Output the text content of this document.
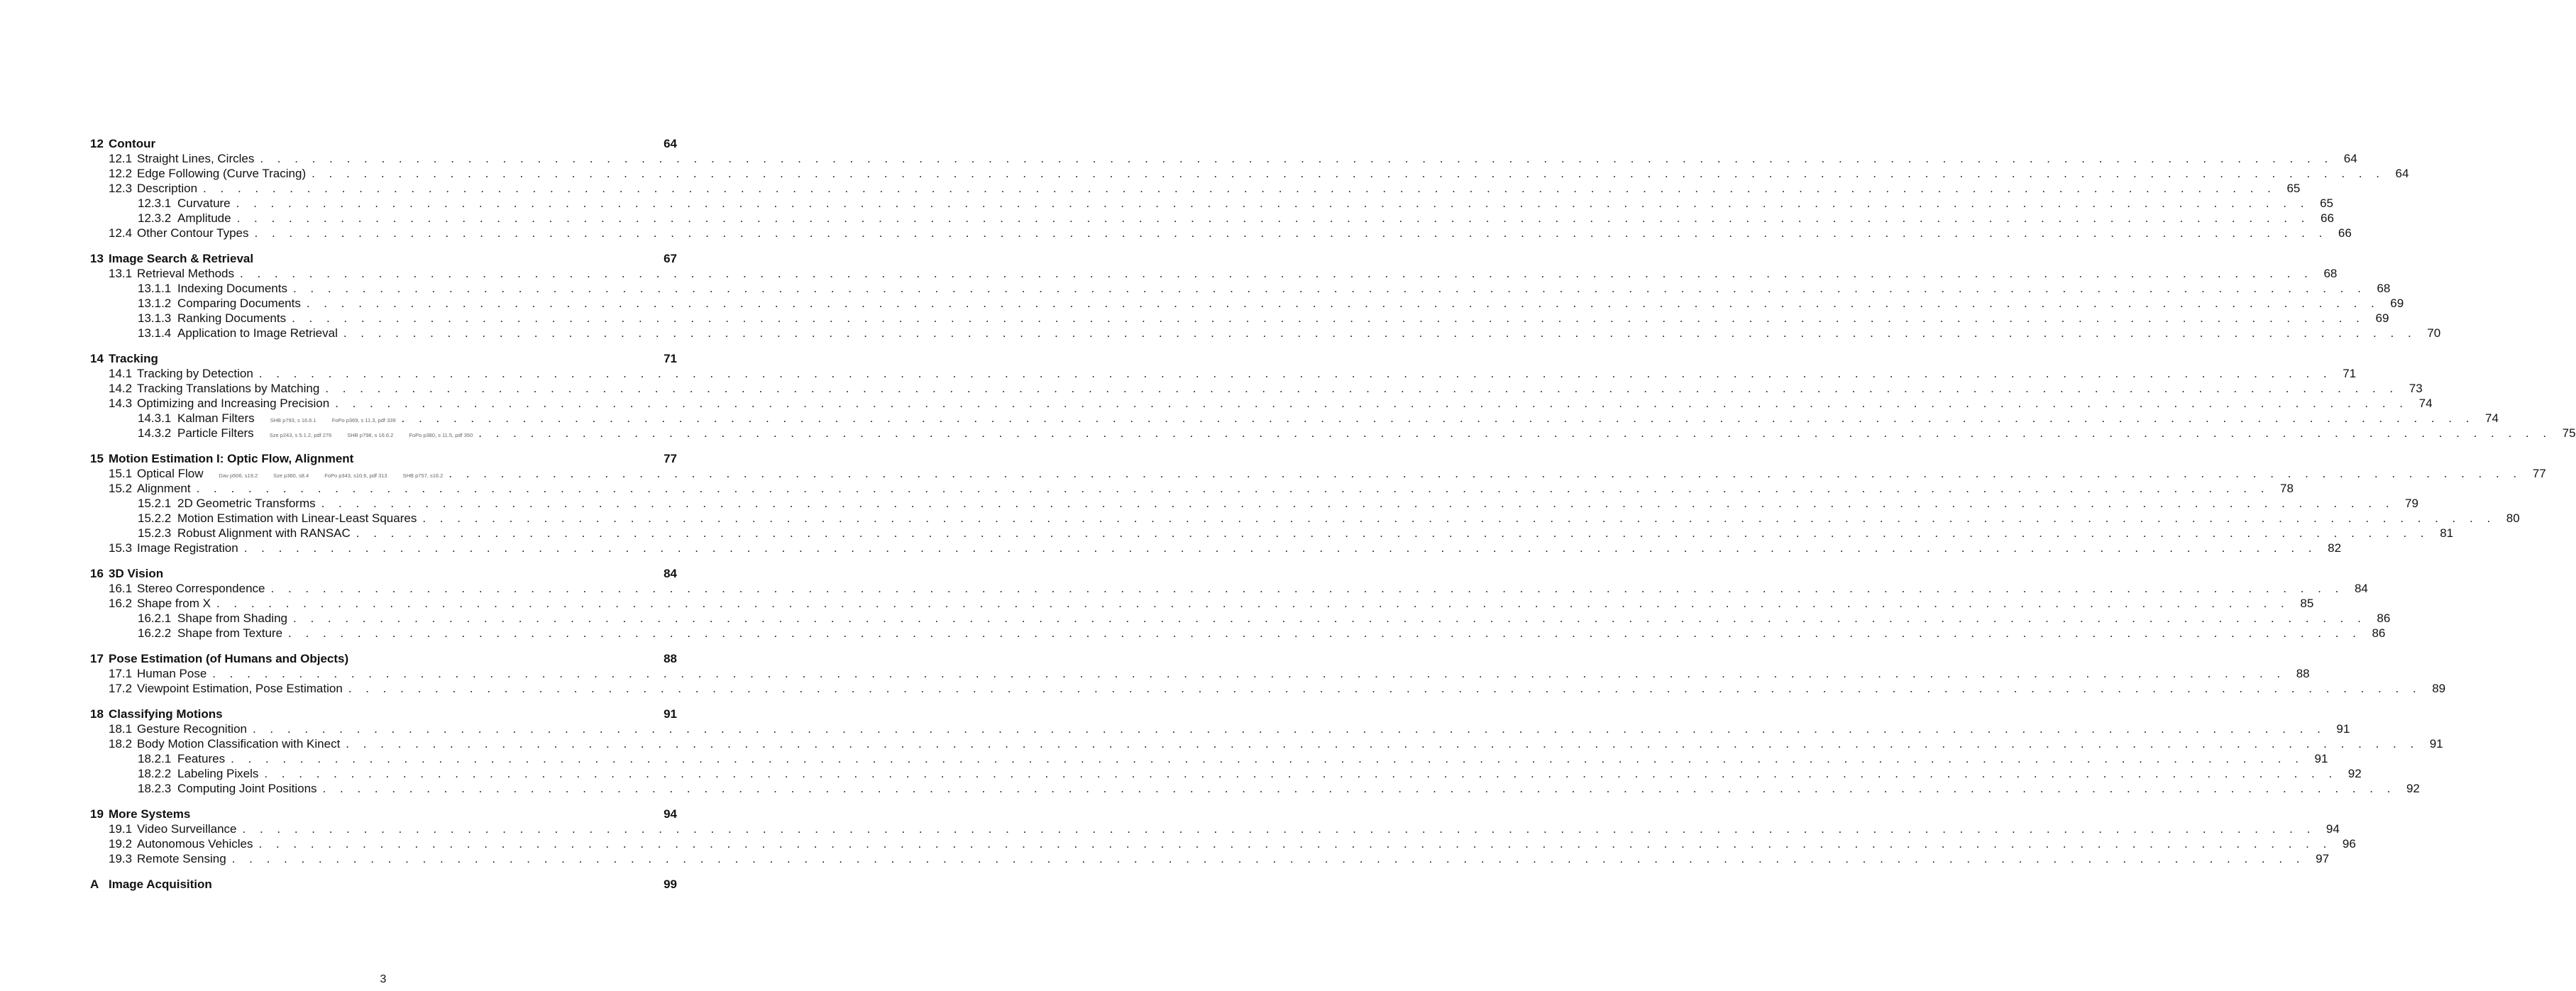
12 Contour	64
12.1 Straight Lines, Circles . . . . . . . . . . . . . . . . . . . . . . . . . . . . . . . . . . . . . . . . . . . . . . . . . . . . . . . . . . . . . . . . . . . . . . . . . . . . . . . . . . . . . . . . . . . . . . . . . . . . . . . . . . . . . . . . . . . . . . . . 64
12.2 Edge Following (Curve Tracing) . . . . . . . . . . . . . . . . . . . . . . . . . . . . . . . . . . . . . . . . . . . . . . . . . . . . . . . . . . . . . . . . . . . . . . . . . . . . . . . . . . . . . . . . . . . . . . . . . . . . . . . . . . . . . . . . . . . . . . . . 64
12.3 Description . . . . . . . . . . . . . . . . . . . . . . . . . . . . . . . . . . . . . . . . . . . . . . . . . . . . . . . . . . . . . . . . . . . . . . . . . . . . . . . . . . . . . . . . . . . . . . . . . . . . . . . . . . . . . . . . . . . . . . . . 65
12.3.1 Curvature . . . . . . . . . . . . . . . . . . . . . . . . . . . . . . . . . . . . . . . . . . . . . . . . . . . . . . . . . . . . . . . . . . . . . . . . . . . . . . . . . . . . . . . . . . . . . . . . . . . . . . . . . . . . . . . . . . . . . . . . 65
12.3.2 Amplitude . . . . . . . . . . . . . . . . . . . . . . . . . . . . . . . . . . . . . . . . . . . . . . . . . . . . . . . . . . . . . . . . . . . . . . . . . . . . . . . . . . . . . . . . . . . . . . . . . . . . . . . . . . . . . . . . . . . . . . . . 66
12.4 Other Contour Types . . . . . . . . . . . . . . . . . . . . . . . . . . . . . . . . . . . . . . . . . . . . . . . . . . . . . . . . . . . . . . . . . . . . . . . . . . . . . . . . . . . . . . . . . . . . . . . . . . . . . . . . . . . . . . . . . . . . . . . . 66
13 Image Search & Retrieval	67
13.1 Retrieval Methods . . . . . . . . . . . . . . . . . . . . . . . . . . . . . . . . . . . . . . . . . . . . . . . . . . . . . . . . . . . . . . . . . . . . . . . . . . . . . . . . . . . . . . . . . . . . . . . . . . . . . . . . . . . . . . . . . . . . . . . . 68
13.1.1 Indexing Documents . . . . . . . . . . . . . . . . . . . . . . . . . . . . . . . . . . . . . . . . . . . . . . . . . . . . . . . . . . . . . . . . . . . . . . . . . . . . . . . . . . . . . . . . . . . . . . . . . . . . . . . . . . . . . . . . . . . . . . . . 68
13.1.2 Comparing Documents . . . . . . . . . . . . . . . . . . . . . . . . . . . . . . . . . . . . . . . . . . . . . . . . . . . . . . . . . . . . . . . . . . . . . . . . . . . . . . . . . . . . . . . . . . . . . . . . . . . . . . . . . . . . . . . . . . . . . . . . 69
13.1.3 Ranking Documents . . . . . . . . . . . . . . . . . . . . . . . . . . . . . . . . . . . . . . . . . . . . . . . . . . . . . . . . . . . . . . . . . . . . . . . . . . . . . . . . . . . . . . . . . . . . . . . . . . . . . . . . . . . . . . . . . . . . . . . . 69
13.1.4 Application to Image Retrieval . . . . . . . . . . . . . . . . . . . . . . . . . . . . . . . . . . . . . . . . . . . . . . . . . . . . . . . . . . . . . . . . . . . . . . . . . . . . . . . . . . . . . . . . . . . . . . . . . . . . . . . . . . . . . . . . . . . . . . . . 70
14 Tracking	71
14.1 Tracking by Detection . . . . . . . . . . . . . . . . . . . . . . . . . . . . . . . . . . . . . . . . . . . . . . . . . . . . . . . . . . . . . . . . . . . . . . . . . . . . . . . . . . . . . . . . . . . . . . . . . . . . . . . . . . . . . . . . . . . . . . . . 71
14.2 Tracking Translations by Matching . . . . . . . . . . . . . . . . . . . . . . . . . . . . . . . . . . . . . . . . . . . . . . . . . . . . . . . . . . . . . . . . . . . . . . . . . . . . . . . . . . . . . . . . . . . . . . . . . . . . . . . . . . . . . . . . . . . . . . . . 73
14.3 Optimizing and Increasing Precision . . . . . . . . . . . . . . . . . . . . . . . . . . . . . . . . . . . . . . . . . . . . . . . . . . . . . . . . . . . . . . . . . . . . . . . . . . . . . . . . . . . . . . . . . . . . . . . . . . . . . . . . . . . . . . . . . . . . . . . . 74
14.3.1 Kalman Filters	SHB p793, s 16.6.1	FoPo p369, s 11.3, pdf 339 . . . . . . . . . . . . . . . . . . . . . . . . . . . . . . . . . . . . . . . . . . . . . . . . . . . . . . . . . . . . . . . . . . . . . . . . . . . . . . . . . . . . . . . . . . . . . . . . . . . . . . . . . . . . . . . . . . . . . . . . 74
14.3.2 Particle Filters	Sze p243, s 5.1.2, pdf 276	SHB p798, s 16.6.2	FoPo p380, s 11.5, pdf 350 . . . . . . . . . . . . . . . . . . . . . . . . . . . . . . . . . . . . . . . . . . . . . . . . . . . . . . . . . . . . . . . . . . . . . . . . . . . . . . . . . . . . . . . . . . . . . . . . . . . . . . . . . . . . . . . . . . . . . . . . 75
15 Motion Estimation I: Optic Flow, Alignment	77
15.1 Optical Flow	Dav p506, s19.2	Sze p360, s8.4	FoPo p343, s10.6, pdf 313	SHB p757, s16.2 . . . . . . . . . . . . . . . . . . . . . . . . . . . . . . . . . . . . . . . . . . . . . . . . . . . . . . . . . . . . . . . . . . . . . . . . . . . . . . . . . . . . . . . . . . . . . . . . . . . . . . . . . . . . . . . . . . . . . . . . 77
15.2 Alignment . . . . . . . . . . . . . . . . . . . . . . . . . . . . . . . . . . . . . . . . . . . . . . . . . . . . . . . . . . . . . . . . . . . . . . . . . . . . . . . . . . . . . . . . . . . . . . . . . . . . . . . . . . . . . . . . . . . . . . . . 78
15.2.1 2D Geometric Transforms . . . . . . . . . . . . . . . . . . . . . . . . . . . . . . . . . . . . . . . . . . . . . . . . . . . . . . . . . . . . . . . . . . . . . . . . . . . . . . . . . . . . . . . . . . . . . . . . . . . . . . . . . . . . . . . . . . . . . . . . 79
15.2.2 Motion Estimation with Linear-Least Squares . . . . . . . . . . . . . . . . . . . . . . . . . . . . . . . . . . . . . . . . . . . . . . . . . . . . . . . . . . . . . . . . . . . . . . . . . . . . . . . . . . . . . . . . . . . . . . . . . . . . . . . . . . . . . . . . . . . . . . . . 80
15.2.3 Robust Alignment with RANSAC . . . . . . . . . . . . . . . . . . . . . . . . . . . . . . . . . . . . . . . . . . . . . . . . . . . . . . . . . . . . . . . . . . . . . . . . . . . . . . . . . . . . . . . . . . . . . . . . . . . . . . . . . . . . . . . . . . . . . . . . 81
15.3 Image Registration . . . . . . . . . . . . . . . . . . . . . . . . . . . . . . . . . . . . . . . . . . . . . . . . . . . . . . . . . . . . . . . . . . . . . . . . . . . . . . . . . . . . . . . . . . . . . . . . . . . . . . . . . . . . . . . . . . . . . . . . 82
16 3D Vision	84
16.1 Stereo Correspondence . . . . . . . . . . . . . . . . . . . . . . . . . . . . . . . . . . . . . . . . . . . . . . . . . . . . . . . . . . . . . . . . . . . . . . . . . . . . . . . . . . . . . . . . . . . . . . . . . . . . . . . . . . . . . . . . . . . . . . . . 84
16.2 Shape from X . . . . . . . . . . . . . . . . . . . . . . . . . . . . . . . . . . . . . . . . . . . . . . . . . . . . . . . . . . . . . . . . . . . . . . . . . . . . . . . . . . . . . . . . . . . . . . . . . . . . . . . . . . . . . . . . . . . . . . . . 85
16.2.1 Shape from Shading . . . . . . . . . . . . . . . . . . . . . . . . . . . . . . . . . . . . . . . . . . . . . . . . . . . . . . . . . . . . . . . . . . . . . . . . . . . . . . . . . . . . . . . . . . . . . . . . . . . . . . . . . . . . . . . . . . . . . . . . 86
16.2.2 Shape from Texture . . . . . . . . . . . . . . . . . . . . . . . . . . . . . . . . . . . . . . . . . . . . . . . . . . . . . . . . . . . . . . . . . . . . . . . . . . . . . . . . . . . . . . . . . . . . . . . . . . . . . . . . . . . . . . . . . . . . . . . . 86
17 Pose Estimation (of Humans and Objects)	88
17.1 Human Pose . . . . . . . . . . . . . . . . . . . . . . . . . . . . . . . . . . . . . . . . . . . . . . . . . . . . . . . . . . . . . . . . . . . . . . . . . . . . . . . . . . . . . . . . . . . . . . . . . . . . . . . . . . . . . . . . . . . . . . . . 88
17.2 Viewpoint Estimation, Pose Estimation . . . . . . . . . . . . . . . . . . . . . . . . . . . . . . . . . . . . . . . . . . . . . . . . . . . . . . . . . . . . . . . . . . . . . . . . . . . . . . . . . . . . . . . . . . . . . . . . . . . . . . . . . . . . . . . . . . . . . . . . 89
18 Classifying Motions	91
18.1 Gesture Recognition . . . . . . . . . . . . . . . . . . . . . . . . . . . . . . . . . . . . . . . . . . . . . . . . . . . . . . . . . . . . . . . . . . . . . . . . . . . . . . . . . . . . . . . . . . . . . . . . . . . . . . . . . . . . . . . . . . . . . . . . 91
18.2 Body Motion Classification with Kinect . . . . . . . . . . . . . . . . . . . . . . . . . . . . . . . . . . . . . . . . . . . . . . . . . . . . . . . . . . . . . . . . . . . . . . . . . . . . . . . . . . . . . . . . . . . . . . . . . . . . . . . . . . . . . . . . . . . . . . . . 91
18.2.1 Features . . . . . . . . . . . . . . . . . . . . . . . . . . . . . . . . . . . . . . . . . . . . . . . . . . . . . . . . . . . . . . . . . . . . . . . . . . . . . . . . . . . . . . . . . . . . . . . . . . . . . . . . . . . . . . . . . . . . . . . . 91
18.2.2 Labeling Pixels . . . . . . . . . . . . . . . . . . . . . . . . . . . . . . . . . . . . . . . . . . . . . . . . . . . . . . . . . . . . . . . . . . . . . . . . . . . . . . . . . . . . . . . . . . . . . . . . . . . . . . . . . . . . . . . . . . . . . . . . 92
18.2.3 Computing Joint Positions . . . . . . . . . . . . . . . . . . . . . . . . . . . . . . . . . . . . . . . . . . . . . . . . . . . . . . . . . . . . . . . . . . . . . . . . . . . . . . . . . . . . . . . . . . . . . . . . . . . . . . . . . . . . . . . . . . . . . . . . 92
19 More Systems	94
19.1 Video Surveillance . . . . . . . . . . . . . . . . . . . . . . . . . . . . . . . . . . . . . . . . . . . . . . . . . . . . . . . . . . . . . . . . . . . . . . . . . . . . . . . . . . . . . . . . . . . . . . . . . . . . . . . . . . . . . . . . . . . . . . . . 94
19.2 Autonomous Vehicles . . . . . . . . . . . . . . . . . . . . . . . . . . . . . . . . . . . . . . . . . . . . . . . . . . . . . . . . . . . . . . . . . . . . . . . . . . . . . . . . . . . . . . . . . . . . . . . . . . . . . . . . . . . . . . . . . . . . . . . . 96
19.3 Remote Sensing . . . . . . . . . . . . . . . . . . . . . . . . . . . . . . . . . . . . . . . . . . . . . . . . . . . . . . . . . . . . . . . . . . . . . . . . . . . . . . . . . . . . . . . . . . . . . . . . . . . . . . . . . . . . . . . . . . . . . . . . 97
A Image Acquisition	99
3
